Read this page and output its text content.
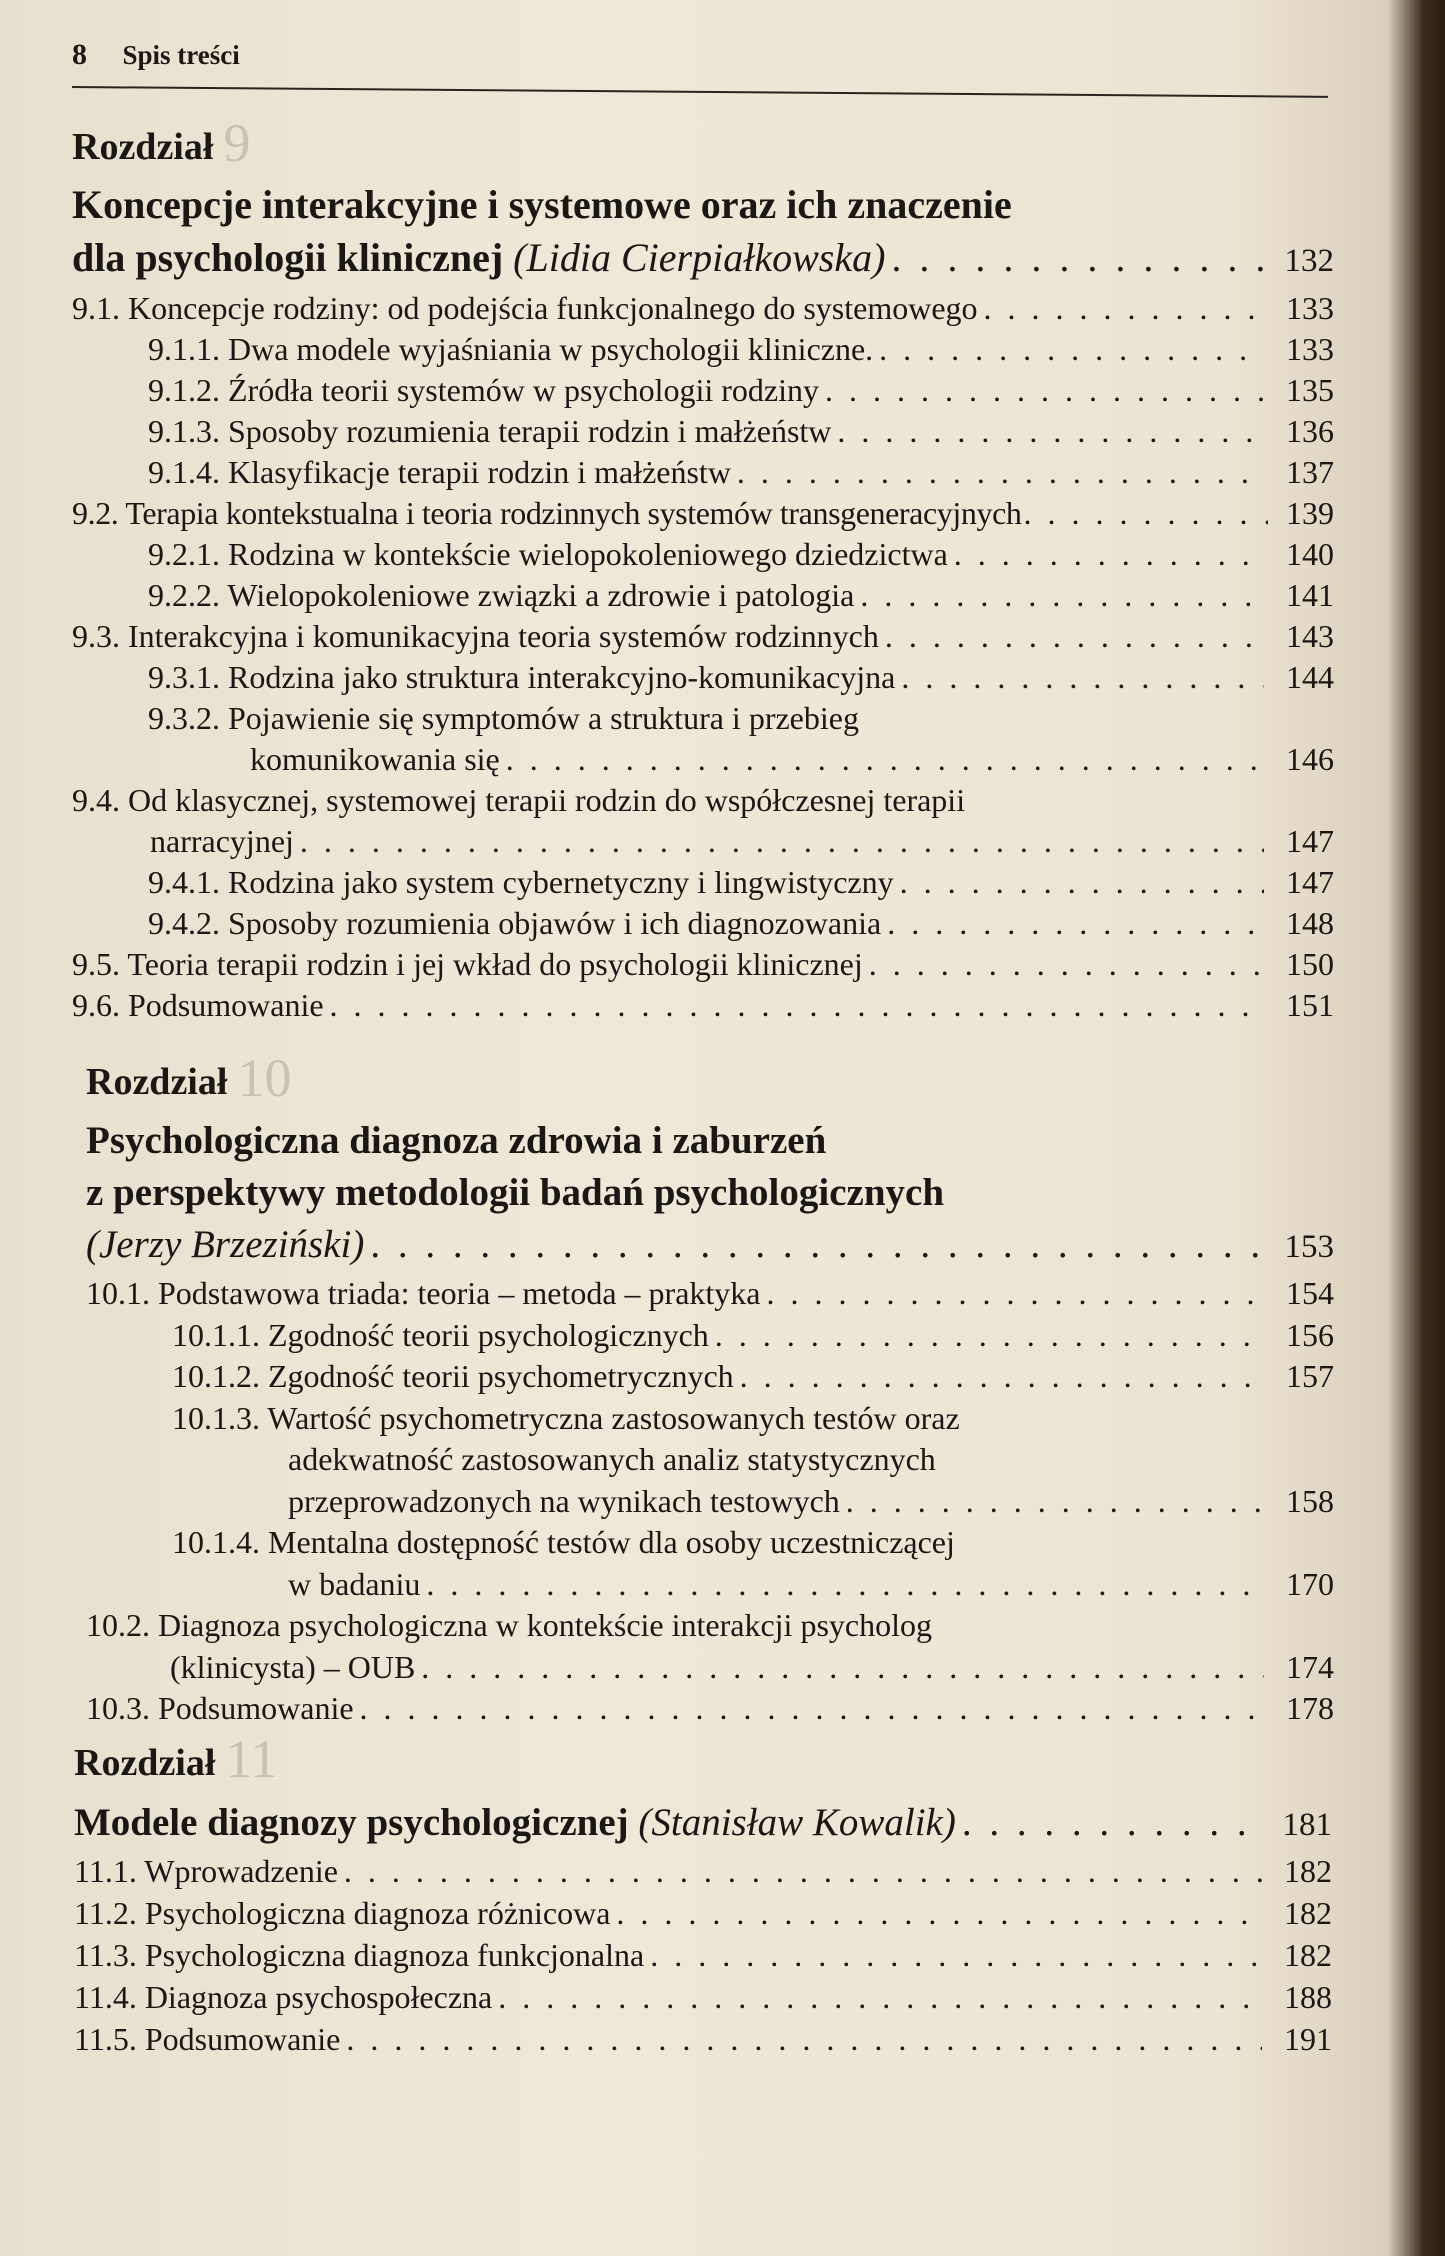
8 Spis treści
Rozdział 9
Koncepcje interakcyjne i systemowe oraz ich znaczenie
dla psychologii klinicznej (Lidia Cierpiałkowska) . . .	132
9.1. Koncepcje rodziny: od podejścia funkcjonalnego do systemowego . . .	133
9.1.1. Dwa modele wyjaśniania w psychologii kliniczne. . . .	133
9.1.2. Źródła teorii systemów w psychologii rodziny . . .	135
9.1.3. Sposoby rozumienia terapii rodzin i małżeństw . . .	136
9.1.4. Klasyfikacje terapii rodzin i małżeństw . . .	137
9.2. Terapia kontekstualna i teoria rodzinnych systemów transgeneracyjnych . . .	139
9.2.1. Rodzina w kontekście wielopokoleniowego dziedzictwa . . .	140
9.2.2. Wielopokoleniowe związki a zdrowie i patologia . . .	141
9.3. Interakcyjna i komunikacyjna teoria systemów rodzinnych . . .	143
9.3.1. Rodzina jako struktura interakcyjno-komunikacyjna . . .	144
9.3.2. Pojawienie się symptomów a struktura i przebieg
komunikowania się . . .	146
9.4. Od klasycznej, systemowej terapii rodzin do współczesnej terapii
narracyjnej . . .	147
9.4.1. Rodzina jako system cybernetyczny i lingwistyczny . . .	147
9.4.2. Sposoby rozumienia objawów i ich diagnozowania . . .	148
9.5. Teoria terapii rodzin i jej wkład do psychologii klinicznej . . .	150
9.6. Podsumowanie . . .	151
Rozdział 10
Psychologiczna diagnoza zdrowia i zaburzeń
z perspektywy metodologii badań psychologicznych
(Jerzy Brzeziński) . . .	153
10.1. Podstawowa triada: teoria – metoda – praktyka . . .	154
10.1.1. Zgodność teorii psychologicznych . . .	156
10.1.2. Zgodność teorii psychometrycznych . . .	157
10.1.3. Wartość psychometryczna zastosowanych testów oraz
adekwatność zastosowanych analiz statystycznych
przeprowadzonych na wynikach testowych . . .	158
10.1.4. Mentalna dostępność testów dla osoby uczestniczącej
w badaniu . . .	170
10.2. Diagnoza psychologiczna w kontekście interakcji psycholog
(klinicysta) – OUB . . .	174
10.3. Podsumowanie . . .	178
Rozdział 11
Modele diagnozy psychologicznej (Stanisław Kowalik) . . .	181
11.1. Wprowadzenie . . .	182
11.2. Psychologiczna diagnoza różnicowa . . .	182
11.3. Psychologiczna diagnoza funkcjonalna . . .	182
11.4. Diagnoza psychospołeczna . . .	188
11.5. Podsumowanie . . .	191
